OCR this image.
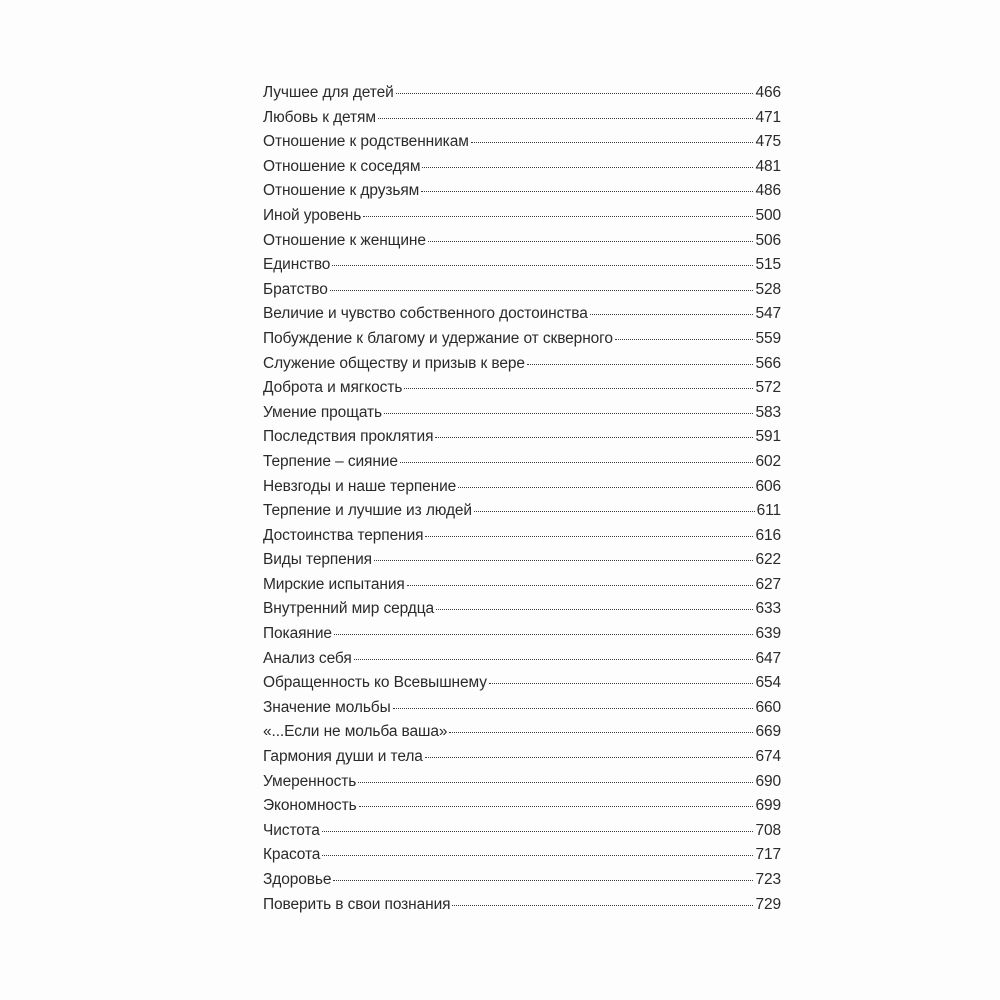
Лучшее для детей	466
Любовь к детям	471
Отношение к родственникам	475
Отношение к соседям	481
Отношение к друзьям	486
Иной уровень	500
Отношение к женщине	506
Единство	515
Братство	528
Величие и чувство собственного достоинства	547
Побуждение к благому и удержание от скверного	559
Служение обществу и призыв к вере	566
Доброта и мягкость	572
Умение прощать	583
Последствия проклятия	591
Терпение – сияние	602
Невзгоды и наше терпение	606
Терпение и лучшие из людей	611
Достоинства терпения	616
Виды терпения	622
Мирские испытания	627
Внутренний мир сердца	633
Покаяние	639
Анализ себя	647
Обращенность ко Всевышнему	654
Значение мольбы	660
«...Если не мольба ваша»	669
Гармония души и тела	674
Умеренность	690
Экономность	699
Чистота	708
Красота	717
Здоровье	723
Поверить в свои познания	729
